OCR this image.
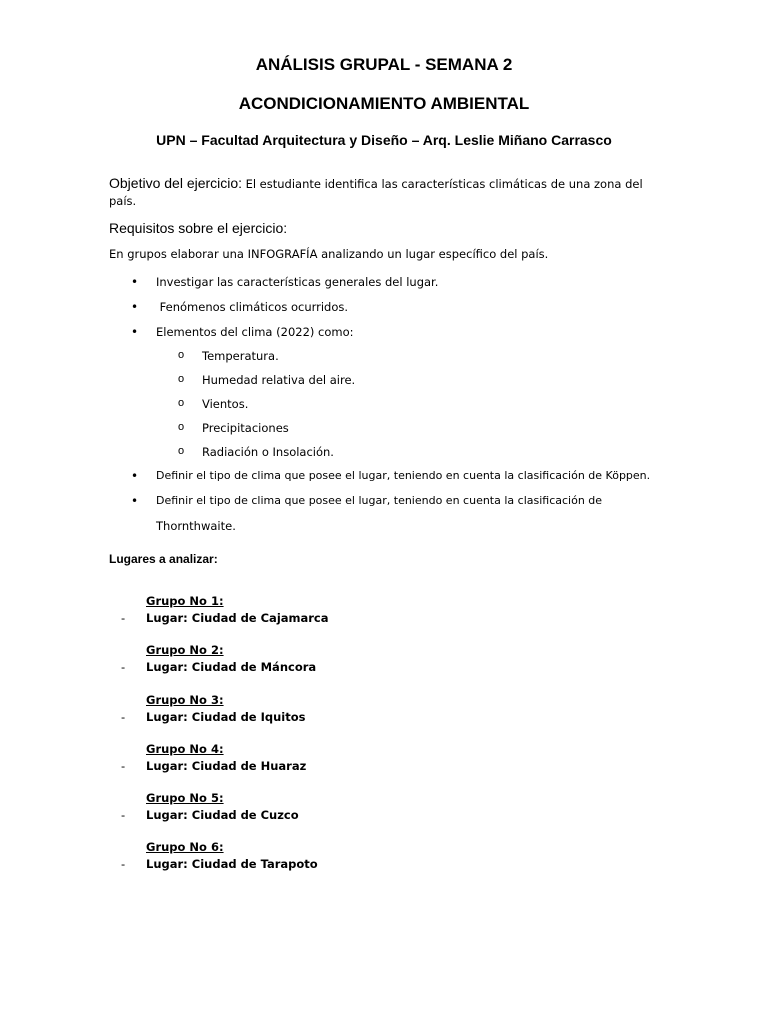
ANÁLISIS GRUPAL - SEMANA 2
ACONDICIONAMIENTO AMBIENTAL
UPN – Facultad Arquitectura y Diseño – Arq. Leslie Miñano Carrasco
Objetivo del ejercicio: El estudiante identifica las características climáticas de una zona del país.
Requisitos sobre el ejercicio:
En grupos elaborar una INFOGRAFÍA analizando un lugar específico del país.
• Investigar las características generales del lugar.
• Fenómenos climáticos ocurridos.
• Elementos del clima (2022) como:
o Temperatura.
o Humedad relativa del aire.
o Vientos.
o Precipitaciones
o Radiación o Insolación.
• Definir el tipo de clima que posee el lugar, teniendo en cuenta la clasificación de Köppen.
• Definir el tipo de clima que posee el lugar, teniendo en cuenta la clasificación de
Thornthwaite.
Lugares a analizar:
Grupo No 1:
- Lugar: Ciudad de Cajamarca
Grupo No 2:
- Lugar: Ciudad de Máncora
Grupo No 3:
- Lugar: Ciudad de Iquitos
Grupo No 4:
- Lugar: Ciudad de Huaraz
Grupo No 5:
- Lugar: Ciudad de Cuzco
Grupo No 6:
- Lugar: Ciudad de Tarapoto
